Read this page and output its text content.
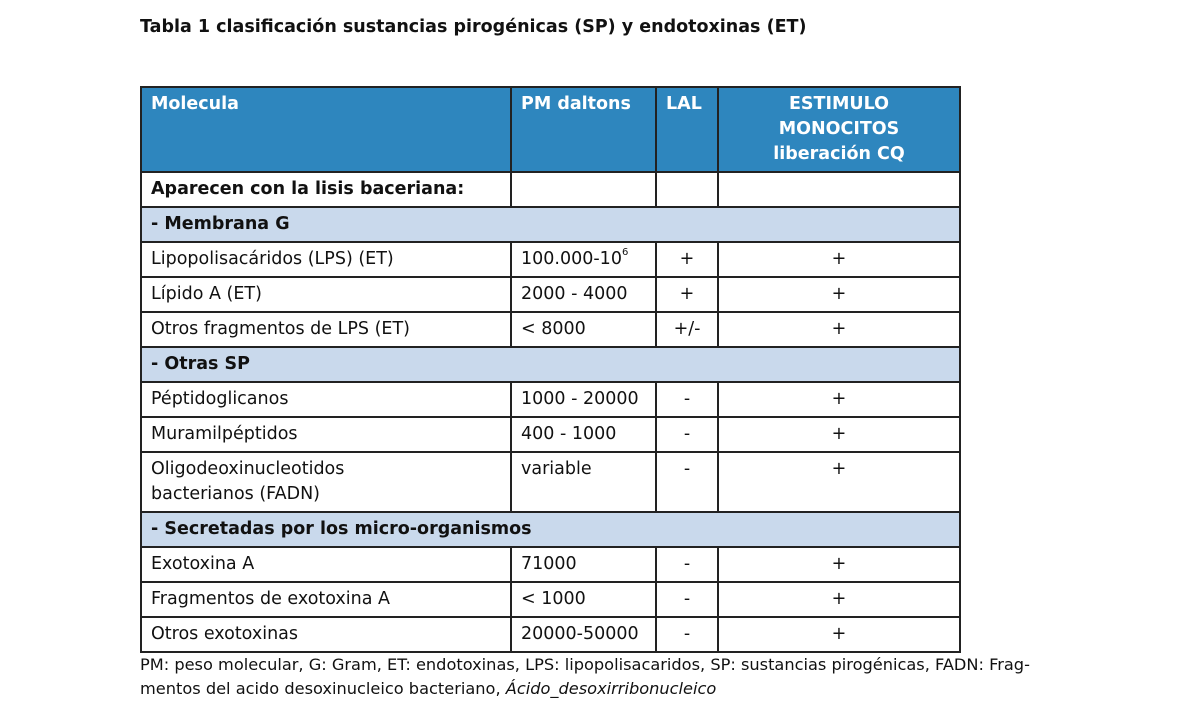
Tabla 1 clasificación sustancias pirogénicas (SP) y endotoxinas (ET)
Molecula	PM daltons	LAL	ESTIMULO MONOCITOS
liberación CQ
Aparecen con la lisis baceriana:			
- Membrana G			
Lipopolisacáridos (LPS) (ET)	$100.000-10^6$	+	+
Lípido A (ET)	2000 - 4000	+	+
Otros fragmentos de LPS (ET)	< 8000	+/-	+
- Otras SP			
Péptidoglicanos	1000 - 20000	-	+
Muramilpéptidos	400 - 1000	-	+
Oligodeoxinucleotidos
bacterianos (FADN)	variable	-	+
- Secretadas por los micro-organismos			
Exotoxina A	71000	-	+
Fragmentos de exotoxina A	< 1000	-	+
Otros exotoxinas	20000-50000	-	+
PM: peso molecular, G: Gram, ET: endotoxinas, LPS: lipopolisacaridos, SP: sustancias pirogénicas, FADN: Frag-
mentos del acido desoxinucleico bacteriano, Ácido_desoxirribonucleico
